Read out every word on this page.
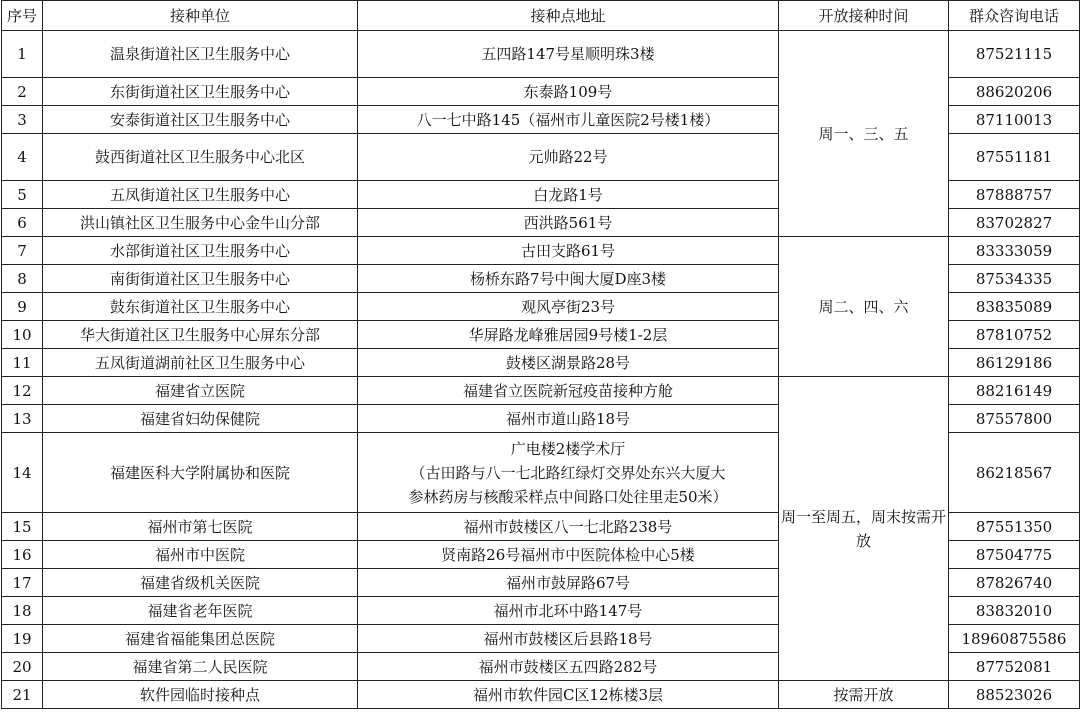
序号	接种单位	接种点地址	开放接种时间	群众咨询电话
1	温泉街道社区卫生服务中心	五四路147号星顺明珠3楼	周一、三、五	87521115
2	东街街道社区卫生服务中心	东泰路109号		88620206
3	安泰街道社区卫生服务中心	八一七中路145（福州市儿童医院2号楼1楼）		87110013
4	鼓西街道社区卫生服务中心北区	元帅路22号		87551181
5	五凤街道社区卫生服务中心	白龙路1号		87888757
6	洪山镇社区卫生服务中心金牛山分部	西洪路561号		83702827
7	水部街道社区卫生服务中心	古田支路61号	周二、四、六	83333059
8	南街街道社区卫生服务中心	杨桥东路7号中闽大厦D座3楼		87534335
9	鼓东街道社区卫生服务中心	观风亭街23号		83835089
10	华大街道社区卫生服务中心屏东分部	华屏路龙峰雅居园9号楼1-2层		87810752
11	五凤街道湖前社区卫生服务中心	鼓楼区湖景路28号		86129186
12	福建省立医院	福建省立医院新冠疫苗接种方舱	周一至周五，周末按需开放	88216149
13	福建省妇幼保健院	福州市道山路18号		87557800
14	福建医科大学附属协和医院	广电楼2楼学术厅
（古田路与八一七北路红绿灯交界处东兴大厦大
参林药房与核酸采样点中间路口处往里走50米）		86218567
15	福州市第七医院	福州市鼓楼区八一七北路238号		87551350
16	福州市中医院	贤南路26号福州市中医院体检中心5楼		87504775
17	福建省级机关医院	福州市鼓屏路67号		87826740
18	福建省老年医院	福州市北环中路147号		83832010
19	福建省福能集团总医院	福州市鼓楼区后县路18号		18960875586
20	福建省第二人民医院	福州市鼓楼区五四路282号		87752081
21	软件园临时接种点	福州市软件园C区12栋楼3层	按需开放	88523026
